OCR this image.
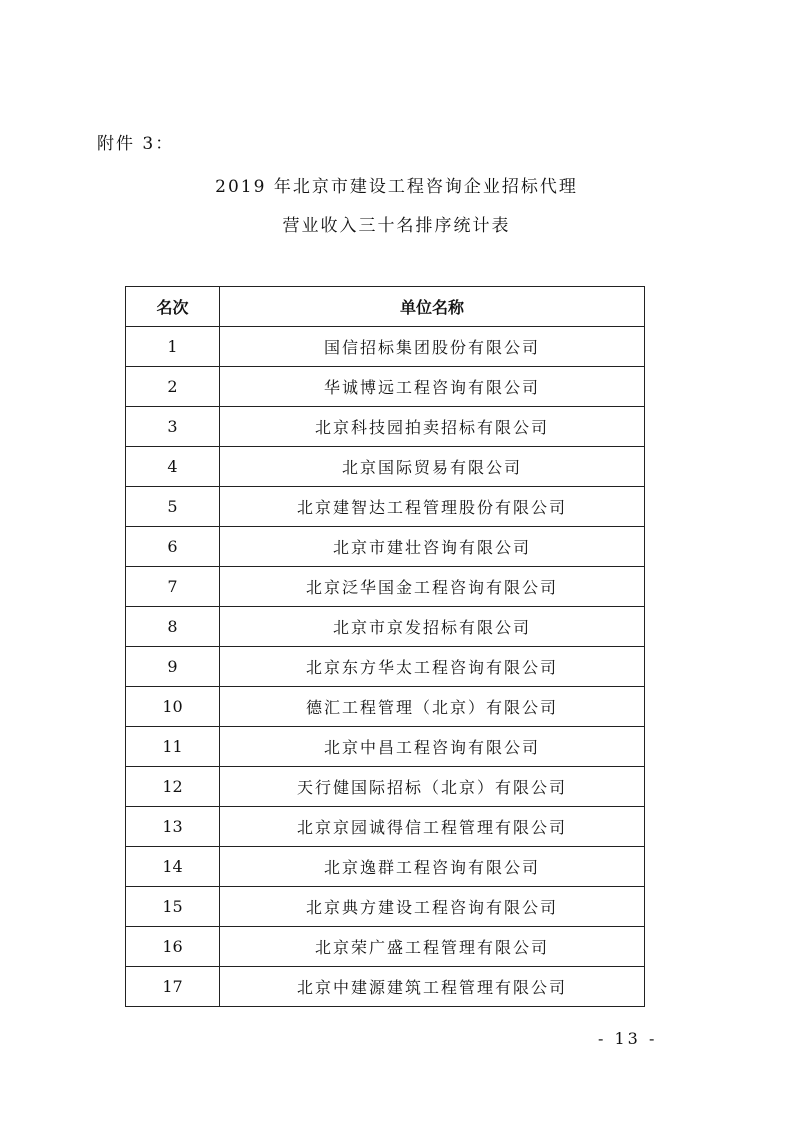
附件 3：
2019 年北京市建设工程咨询企业招标代理
营业收入三十名排序统计表
名次	单位名称
1	国信招标集团股份有限公司
2	华诚博远工程咨询有限公司
3	北京科技园拍卖招标有限公司
4	北京国际贸易有限公司
5	北京建智达工程管理股份有限公司
6	北京市建壮咨询有限公司
7	北京泛华国金工程咨询有限公司
8	北京市京发招标有限公司
9	北京东方华太工程咨询有限公司
10	德汇工程管理（北京）有限公司
11	北京中昌工程咨询有限公司
12	天行健国际招标（北京）有限公司
13	北京京园诚得信工程管理有限公司
14	北京逸群工程咨询有限公司
15	北京典方建设工程咨询有限公司
16	北京荣广盛工程管理有限公司
17	北京中建源建筑工程管理有限公司
- 13 -
